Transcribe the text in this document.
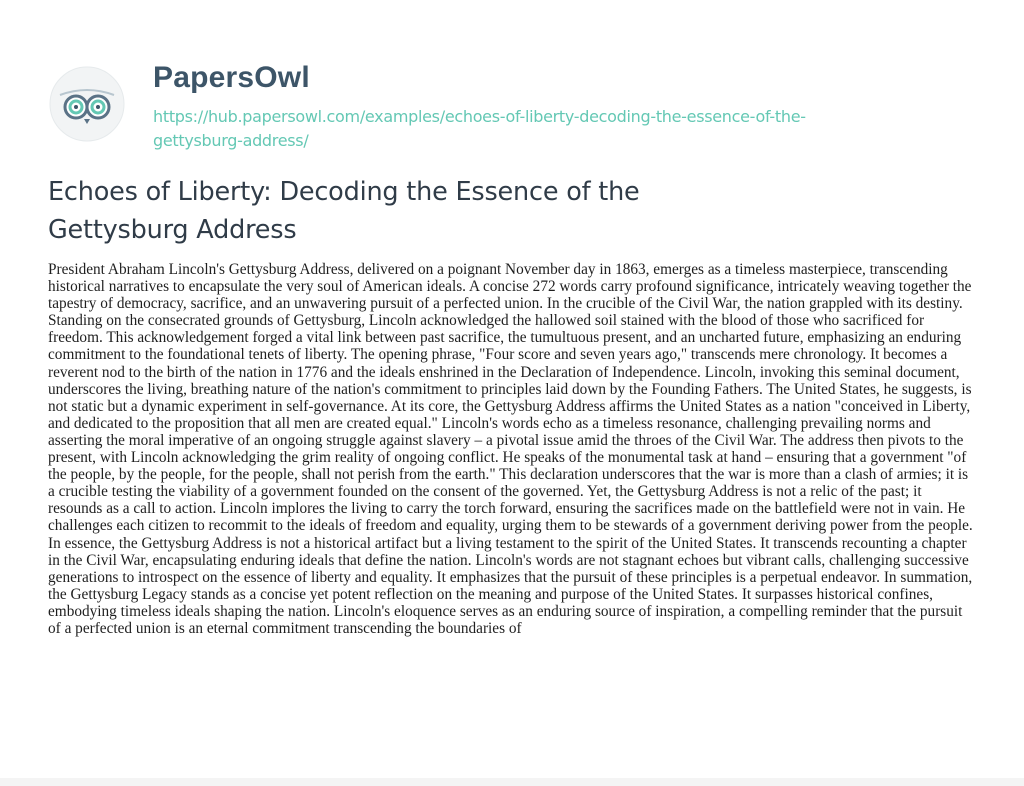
PapersOwl
https://hub.papersowl.com/examples/echoes-of-liberty-decoding-the-essence-of-the-gettysburg-address/
Echoes of Liberty: Decoding the Essence of the Gettysburg Address

President Abraham Lincoln's Gettysburg Address, delivered on a poignant November day in 1863, emerges as a timeless masterpiece, transcending historical narratives to encapsulate the very soul of American ideals. A concise 272 words carry profound significance, intricately weaving together the tapestry of democracy, sacrifice, and an unwavering pursuit of a perfected union. In the crucible of the Civil War, the nation grappled with its destiny. Standing on the consecrated grounds of Gettysburg, Lincoln acknowledged the hallowed soil stained with the blood of those who sacrificed for freedom. This acknowledgement forged a vital link between past sacrifice, the tumultuous present, and an uncharted future, emphasizing an enduring commitment to the foundational tenets of liberty. The opening phrase, "Four score and seven years ago," transcends mere chronology. It becomes a reverent nod to the birth of the nation in 1776 and the ideals enshrined in the Declaration of Independence. Lincoln, invoking this seminal document, underscores the living, breathing nature of the nation's commitment to principles laid down by the Founding Fathers. The United States, he suggests, is not static but a dynamic experiment in self-governance. At its core, the Gettysburg Address affirms the United States as a nation "conceived in Liberty, and dedicated to the proposition that all men are created equal." Lincoln's words echo as a timeless resonance, challenging prevailing norms and asserting the moral imperative of an ongoing struggle against slavery – a pivotal issue amid the throes of the Civil War. The address then pivots to the present, with Lincoln acknowledging the grim reality of ongoing conflict. He speaks of the monumental task at hand – ensuring that a government "of the people, by the people, for the people, shall not perish from the earth." This declaration underscores that the war is more than a clash of armies; it is a crucible testing the viability of a government founded on the consent of the governed. Yet, the Gettysburg Address is not a relic of the past; it resounds as a call to action. Lincoln implores the living to carry the torch forward, ensuring the sacrifices made on the battlefield were not in vain. He challenges each citizen to recommit to the ideals of freedom and equality, urging them to be stewards of a government deriving power from the people. In essence, the Gettysburg Address is not a historical artifact but a living testament to the spirit of the United States. It transcends recounting a chapter in the Civil War, encapsulating enduring ideals that define the nation. Lincoln's words are not stagnant echoes but vibrant calls, challenging successive generations to introspect on the essence of liberty and equality. It emphasizes that the pursuit of these principles is a perpetual endeavor. In summation, the Gettysburg Legacy stands as a concise yet potent reflection on the meaning and purpose of the United States. It surpasses historical confines, embodying timeless ideals shaping the nation. Lincoln's eloquence serves as an enduring source of inspiration, a compelling reminder that the pursuit of a perfected union is an eternal commitment transcending the boundaries of
